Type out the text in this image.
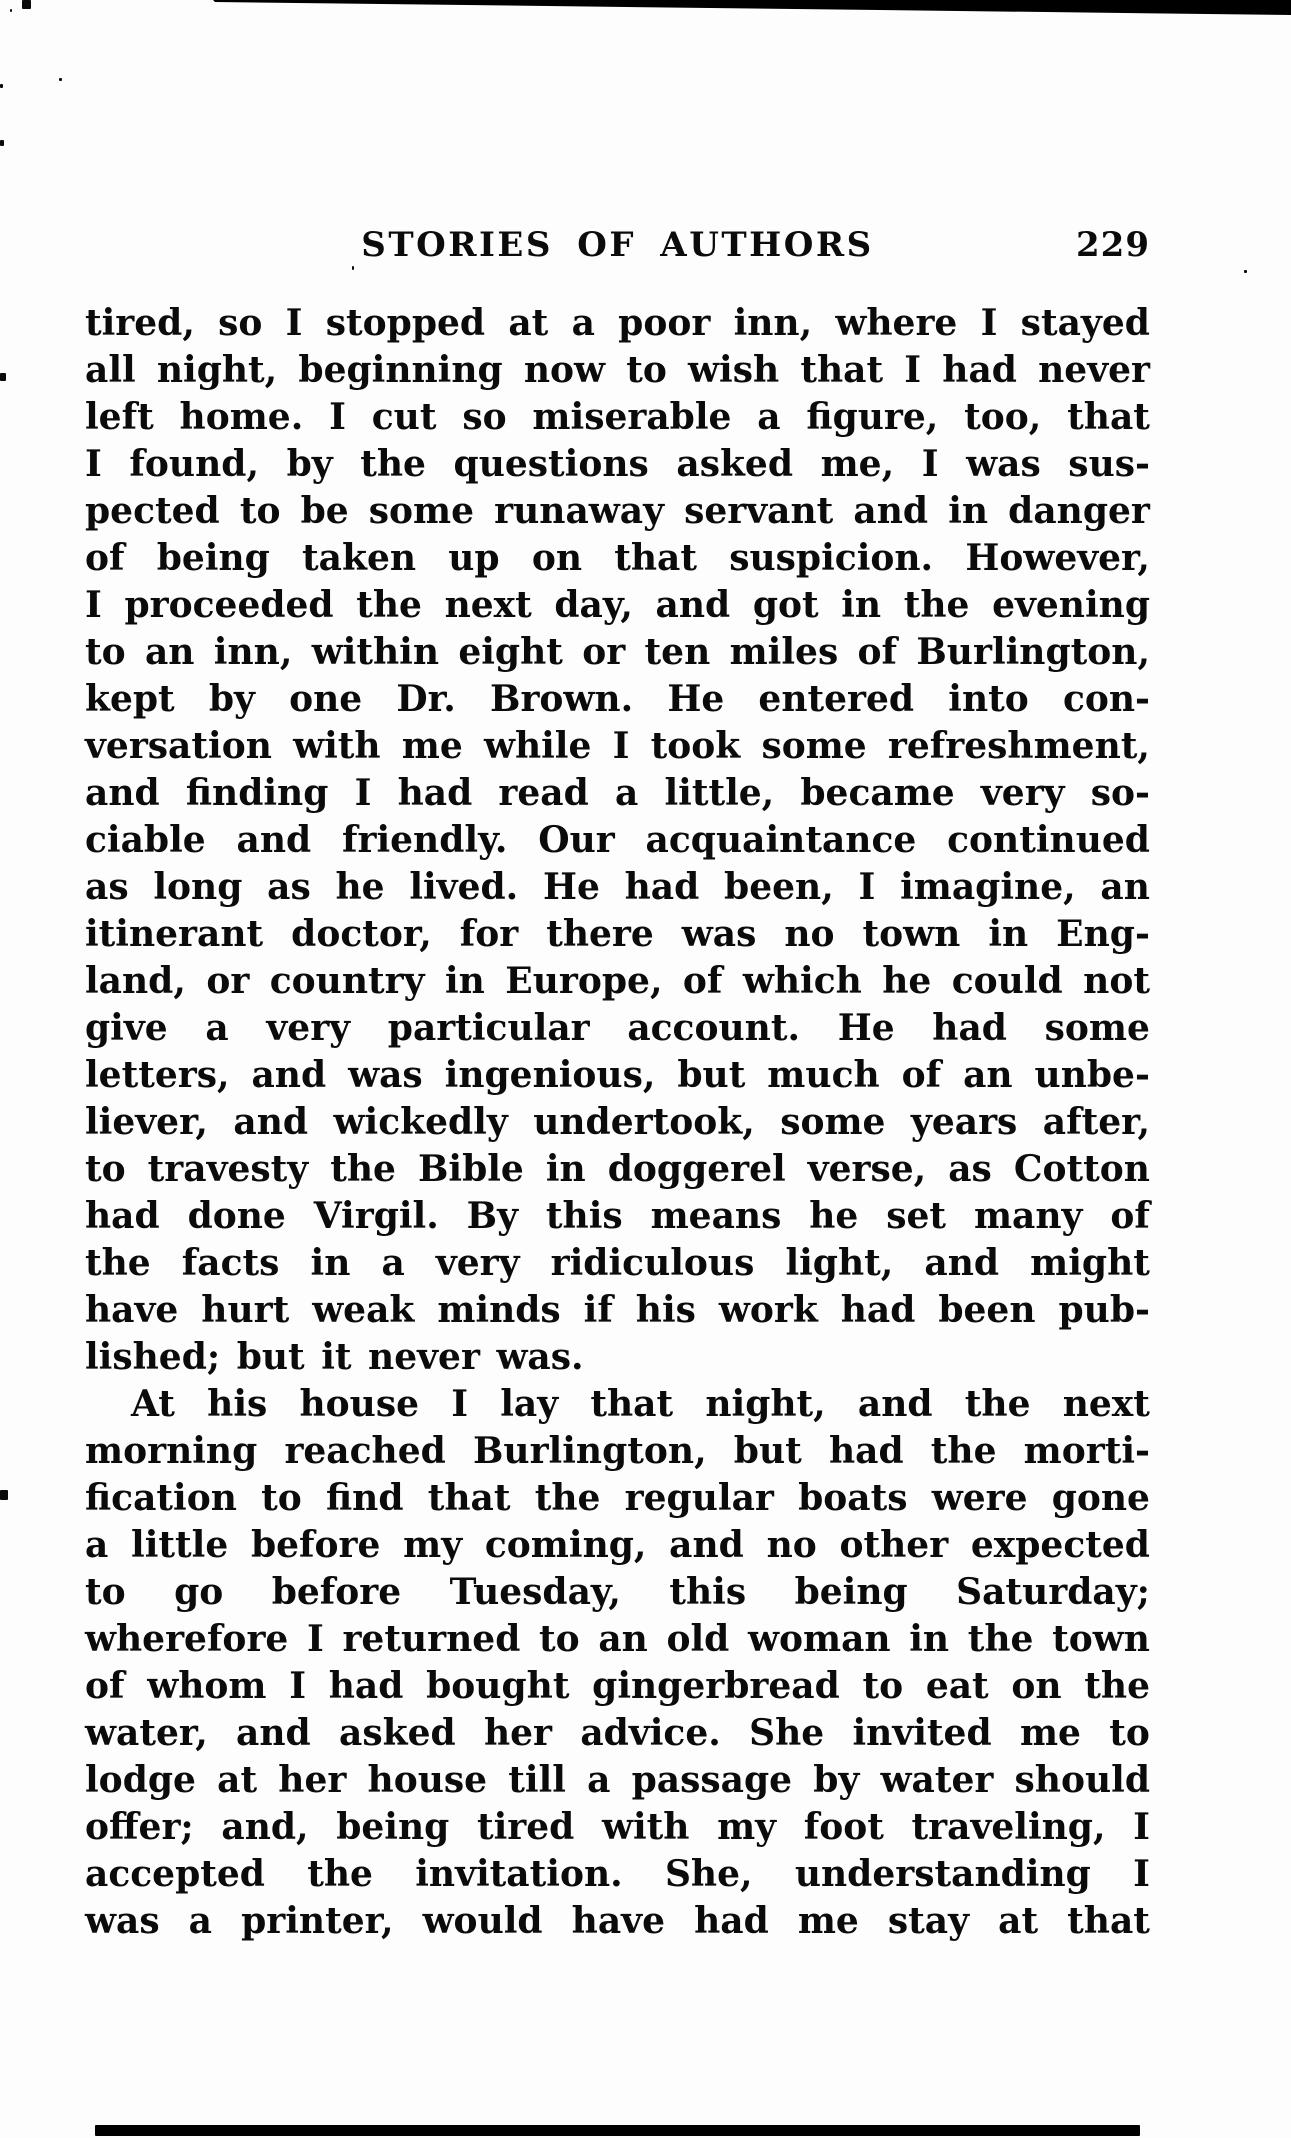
STORIES OF AUTHORS	229
tired, so I stopped at a poor inn, where I stayed
all night, beginning now to wish that I had never
left home. I cut so miserable a figure, too, that
I found, by the questions asked me, I was sus-
pected to be some runaway servant and in danger
of being taken up on that suspicion. However,
I proceeded the next day, and got in the evening
to an inn, within eight or ten miles of Burlington,
kept by one Dr. Brown. He entered into con-
versation with me while I took some refreshment,
and finding I had read a little, became very so-
ciable and friendly. Our acquaintance continued
as long as he lived. He had been, I imagine, an
itinerant doctor, for there was no town in Eng-
land, or country in Europe, of which he could not
give a very particular account. He had some
letters, and was ingenious, but much of an unbe-
liever, and wickedly undertook, some years after,
to travesty the Bible in doggerel verse, as Cotton
had done Virgil. By this means he set many of
the facts in a very ridiculous light, and might
have hurt weak minds if his work had been pub-
lished; but it never was.
At his house I lay that night, and the next
morning reached Burlington, but had the morti-
fication to find that the regular boats were gone
a little before my coming, and no other expected
to go before Tuesday, this being Saturday;
wherefore I returned to an old woman in the town
of whom I had bought gingerbread to eat on the
water, and asked her advice. She invited me to
lodge at her house till a passage by water should
offer; and, being tired with my foot traveling, I
accepted the invitation. She, understanding I
was a printer, would have had me stay at that
